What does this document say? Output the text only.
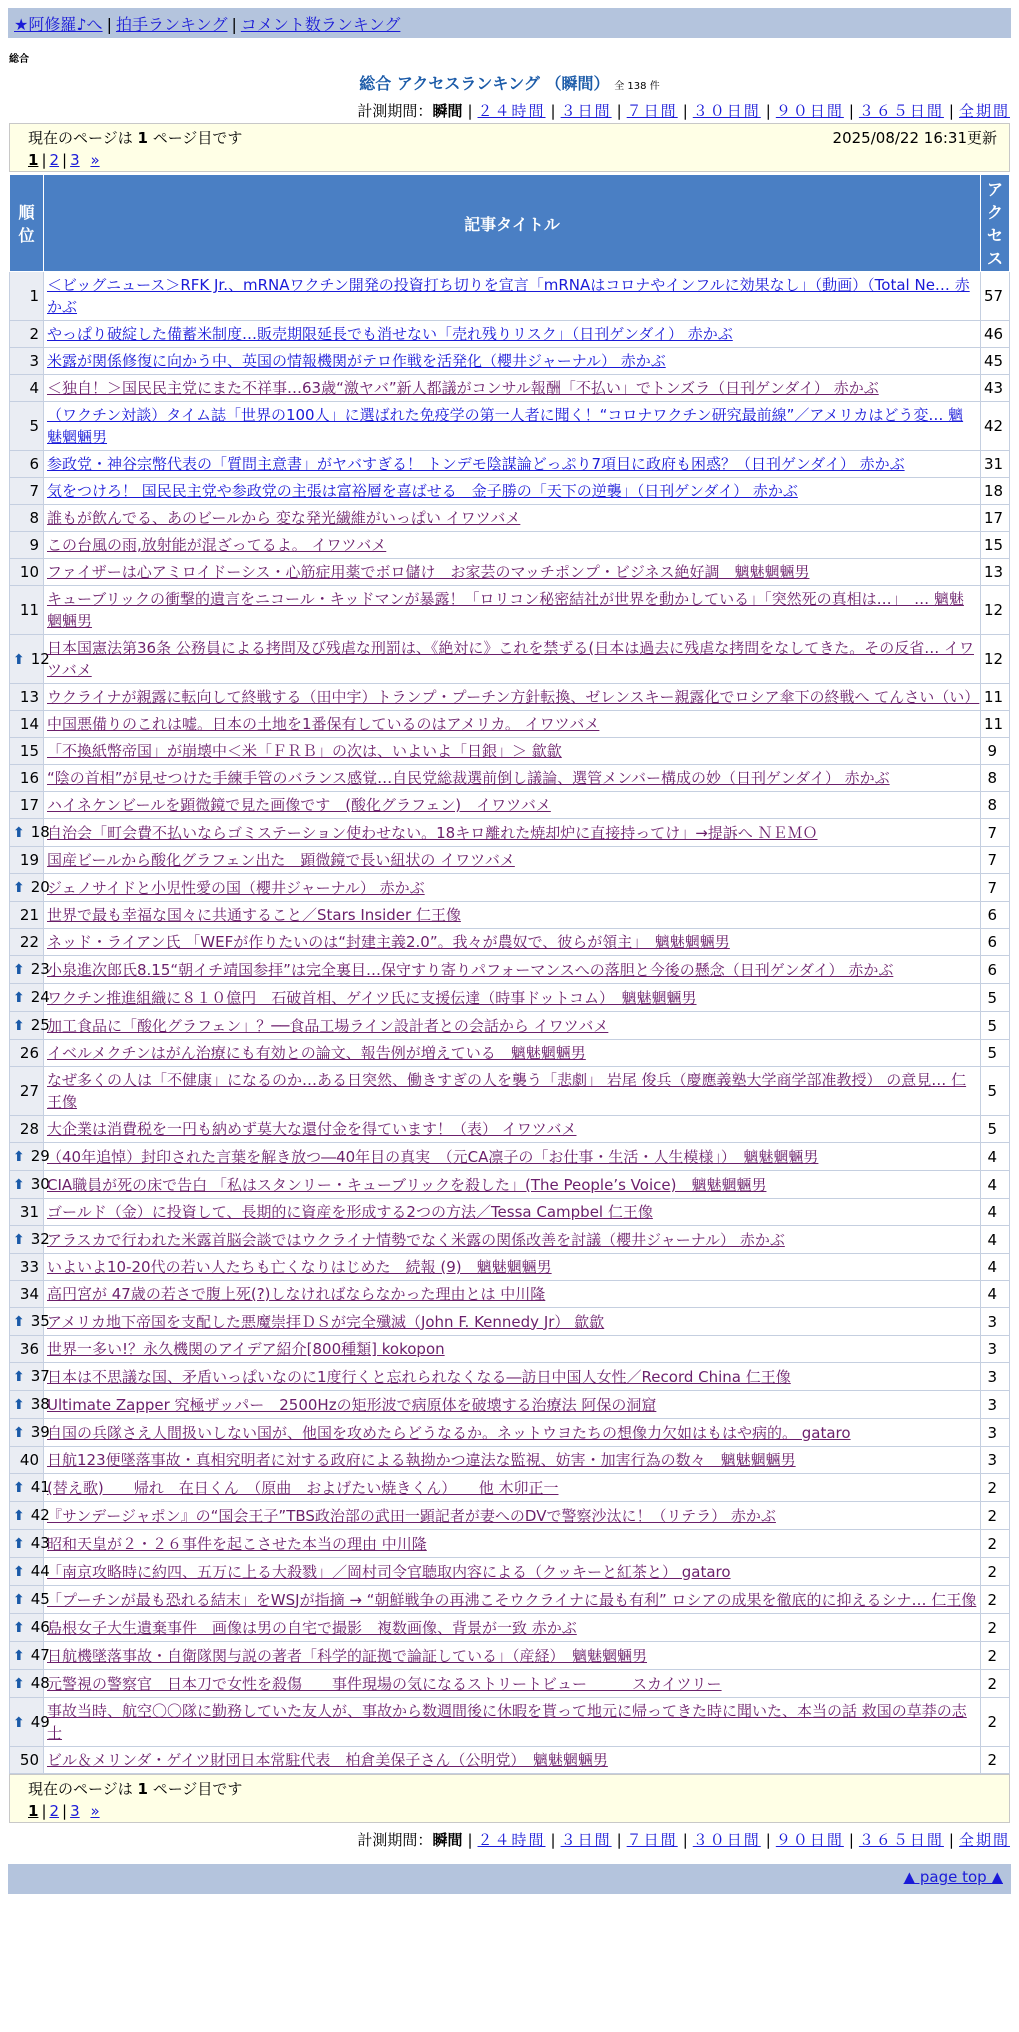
★阿修羅♪へ | 拍手ランキング | コメント数ランキング
総合
総合 アクセスランキング （瞬間） 全 138 件
計測期間：瞬間 | ２４時間 | ３日間 | ７日間 | ３０日間 | ９０日間 | ３６５日間 | 全期間
現在のページは 1 ページ目です	2025/08/22 16:31更新
1 | 2 | 3 »
順位	記事タイトル	アクセス
1	＜ビッグニュース＞RFK Jr.、mRNAワクチン開発の投資打ち切りを宣言「mRNAはコロナやインフルに効果なし」（動画）（Total Ne… 赤かぶ	57
2	やっぱり破綻した備蓄米制度…販売期限延長でも消せない「売れ残りリスク」（日刊ゲンダイ） 赤かぶ	46
3	米露が関係修復に向かう中、英国の情報機関がテロ作戦を活発化（櫻井ジャーナル） 赤かぶ	45
4	＜独自！＞国民民主党にまた不祥事…63歳“激ヤバ”新人都議がコンサル報酬「不払い」でトンズラ（日刊ゲンダイ） 赤かぶ	43
5	（ワクチン対談）タイム誌「世界の100人」に選ばれた免疫学の第一人者に聞く！“コロナワクチン研究最前線”／アメリカはどう変… 魑魅魍魎男	42
6	参政党・神谷宗幣代表の「質問主意書」がヤバすぎる！ トンデモ陰謀論どっぷり7項目に政府も困惑？（日刊ゲンダイ） 赤かぶ	31
7	気をつけろ！ 国民民主党や参政党の主張は富裕層を喜ばせる　金子勝の「天下の逆襲」（日刊ゲンダイ） 赤かぶ	18
8	誰もが飲んでる、あのビールから 変な発光繊維がいっぱい イワツバメ	17
9	この台風の雨,放射能が混ざってるよ。 イワツバメ	15
10	ファイザーは心アミロイドーシス・心筋症用薬でボロ儲け　お家芸のマッチポンプ・ビジネス絶好調　魑魅魍魎男	13
11	キューブリックの衝撃的遺言をニコール・キッドマンが暴露！「ロリコン秘密結社が世界を動かしている」「突然死の真相は…」　… 魑魅魍魎男	12
⬆ 12	日本国憲法第36条 公務員による拷問及び残虐な刑罰は、《絶対に》これを禁ずる(日本は過去に残虐な拷問をなしてきた。その反省… イワツバメ	12
13	ウクライナが親露に転向して終戦する（田中宇）トランプ・プーチン方針転換、ゼレンスキー親露化でロシア傘下の終戦へ てんさい（い）	11
14	中国悪備りのこれは嘘。日本の土地を1番保有しているのはアメリカ。 イワツバメ	11
15	「不換紙幣帝国」が崩壊中＜米「ＦＲＢ」の次は、いよいよ「日銀」＞ 歙歙	9
16	“陰の首相”が見せつけた手練手管のバランス感覚…自民党総裁選前倒し議論、選管メンバー構成の妙（日刊ゲンダイ） 赤かぶ	8
17	ハイネケンビールを顕微鏡で見た画像です　(酸化グラフェン)　イワツバメ	8
⬆ 18	自治会「町会費不払いならゴミステーション使わせない。18キロ離れた焼却炉に直接持ってけ」→提訴へ ＮＥＭＯ	7
19	国産ビールから酸化グラフェン出た　顕微鏡で長い紐状の イワツバメ	7
⬆ 20	ジェノサイドと小児性愛の国（櫻井ジャーナル） 赤かぶ	7
21	世界で最も幸福な国々に共通すること／Stars Insider 仁王像	6
22	ネッド・ライアン氏 「WEFが作りたいのは“封建主義2.0”。我々が農奴で、彼らが領主」　魑魅魍魎男	6
⬆ 23	小泉進次郎氏8.15“朝イチ靖国参拝”は完全裏目…保守すり寄りパフォーマンスへの落胆と今後の懸念（日刊ゲンダイ） 赤かぶ	6
⬆ 24	ワクチン推進組織に８１０億円　石破首相、ゲイツ氏に支援伝達（時事ドットコム）　魑魅魍魎男	5
⬆ 25	加工食品に「酸化グラフェン」？──食品工場ライン設計者との会話から イワツバメ	5
26	イベルメクチンはがん治療にも有効との論文、報告例が増えている　魑魅魍魎男	5
27	なぜ多くの人は「不健康」になるのか…ある日突然、働きすぎの人を襲う「悲劇」 岩尾 俊兵（慶應義塾大学商学部准教授） の意見… 仁王像	5
28	大企業は消費税を一円も納めず莫大な還付金を得ています！（表） イワツバメ	5
⬆ 29	（40年追悼）封印された言葉を解き放つ―40年目の真実　（元CA凛子の「お仕事・生活・人生模様」）　魑魅魍魎男	4
⬆ 30	CIA職員が死の床で告白 「私はスタンリー・キューブリックを殺した」(The People’s Voice)　魑魅魍魎男	4
31	ゴールド（金）に投資して、長期的に資産を形成する2つの方法／Tessa Campbel 仁王像	4
⬆ 32	アラスカで行われた米露首脳会談ではウクライナ情勢でなく米露の関係改善を討議（櫻井ジャーナル） 赤かぶ	4
33	いよいよ10-20代の若い人たちも亡くなりはじめた　続報 (9)　魑魅魍魎男	4
34	高円宮が 47歳の若さで腹上死(?)しなければならなかった理由とは 中川隆	4
⬆ 35	アメリカ地下帝国を支配した悪魔崇拝ＤＳが完全殲滅（John F. Kennedy Jr） 歙歙	3
36	世界一多い!？永久機関のアイデア紹介[800種類] kokopon	3
⬆ 37	日本は不思議な国、矛盾いっぱいなのに1度行くと忘れられなくなる―訪日中国人女性／Record China 仁王像	3
⬆ 38	Ultimate Zapper 究極ザッパー　2500Hzの矩形波で病原体を破壊する治療法 阿保の洞窟	3
⬆ 39	自国の兵隊さえ人間扱いしない国が、他国を攻めたらどうなるか。ネットウヨたちの想像力欠如はもはや病的。 gataro	3
40	日航123便墜落事故・真相究明者に対する政府による執拗かつ違法な監視、妨害・加害行為の数々　魑魅魍魎男	3
⬆ 41	(替え歌)　　帰れ　在日くん　（原曲　およげたい焼きくん）　　他 木卯正一	2
⬆ 42	『サンデージャポン』の“国会王子”TBS政治部の武田一顕記者が妻へのDVで警察沙汰に！（リテラ） 赤かぶ	2
⬆ 43	昭和天皇が２・２６事件を起こさせた本当の理由 中川隆	2
⬆ 44	「南京攻略時に約四、五万に上る大殺戮」／岡村司令官聴取内容による（クッキーと紅茶と） gataro	2
⬆ 45	「プーチンが最も恐れる結末」をWSJが指摘 → “朝鮮戦争の再沸こそウクライナに最も有利” ロシアの成果を徹底的に抑えるシナ… 仁王像	2
⬆ 46	島根女子大生遺棄事件　画像は男の自宅で撮影　複数画像、背景が一致 赤かぶ	2
⬆ 47	日航機墜落事故・自衛隊関与説の著者「科学的証拠で論証している」（産経）　魑魅魍魎男	2
⬆ 48	元警視の警察官　日本刀で女性を殺傷　　事件現場の気になるストリートビュー　　　スカイツリー	2
⬆ 49	事故当時、航空〇〇隊に勤務していた友人が、事故から数週間後に休暇を貰って地元に帰ってきた時に聞いた、本当の話 救国の草莽の志士	2
50	ビル＆メリンダ・ゲイツ財団日本常駐代表　柏倉美保子さん（公明党）　魑魅魍魎男	2
現在のページは 1 ページ目です
1 | 2 | 3 »
計測期間：瞬間 | ２４時間 | ３日間 | ７日間 | ３０日間 | ９０日間 | ３６５日間 | 全期間
▲ page top ▲
